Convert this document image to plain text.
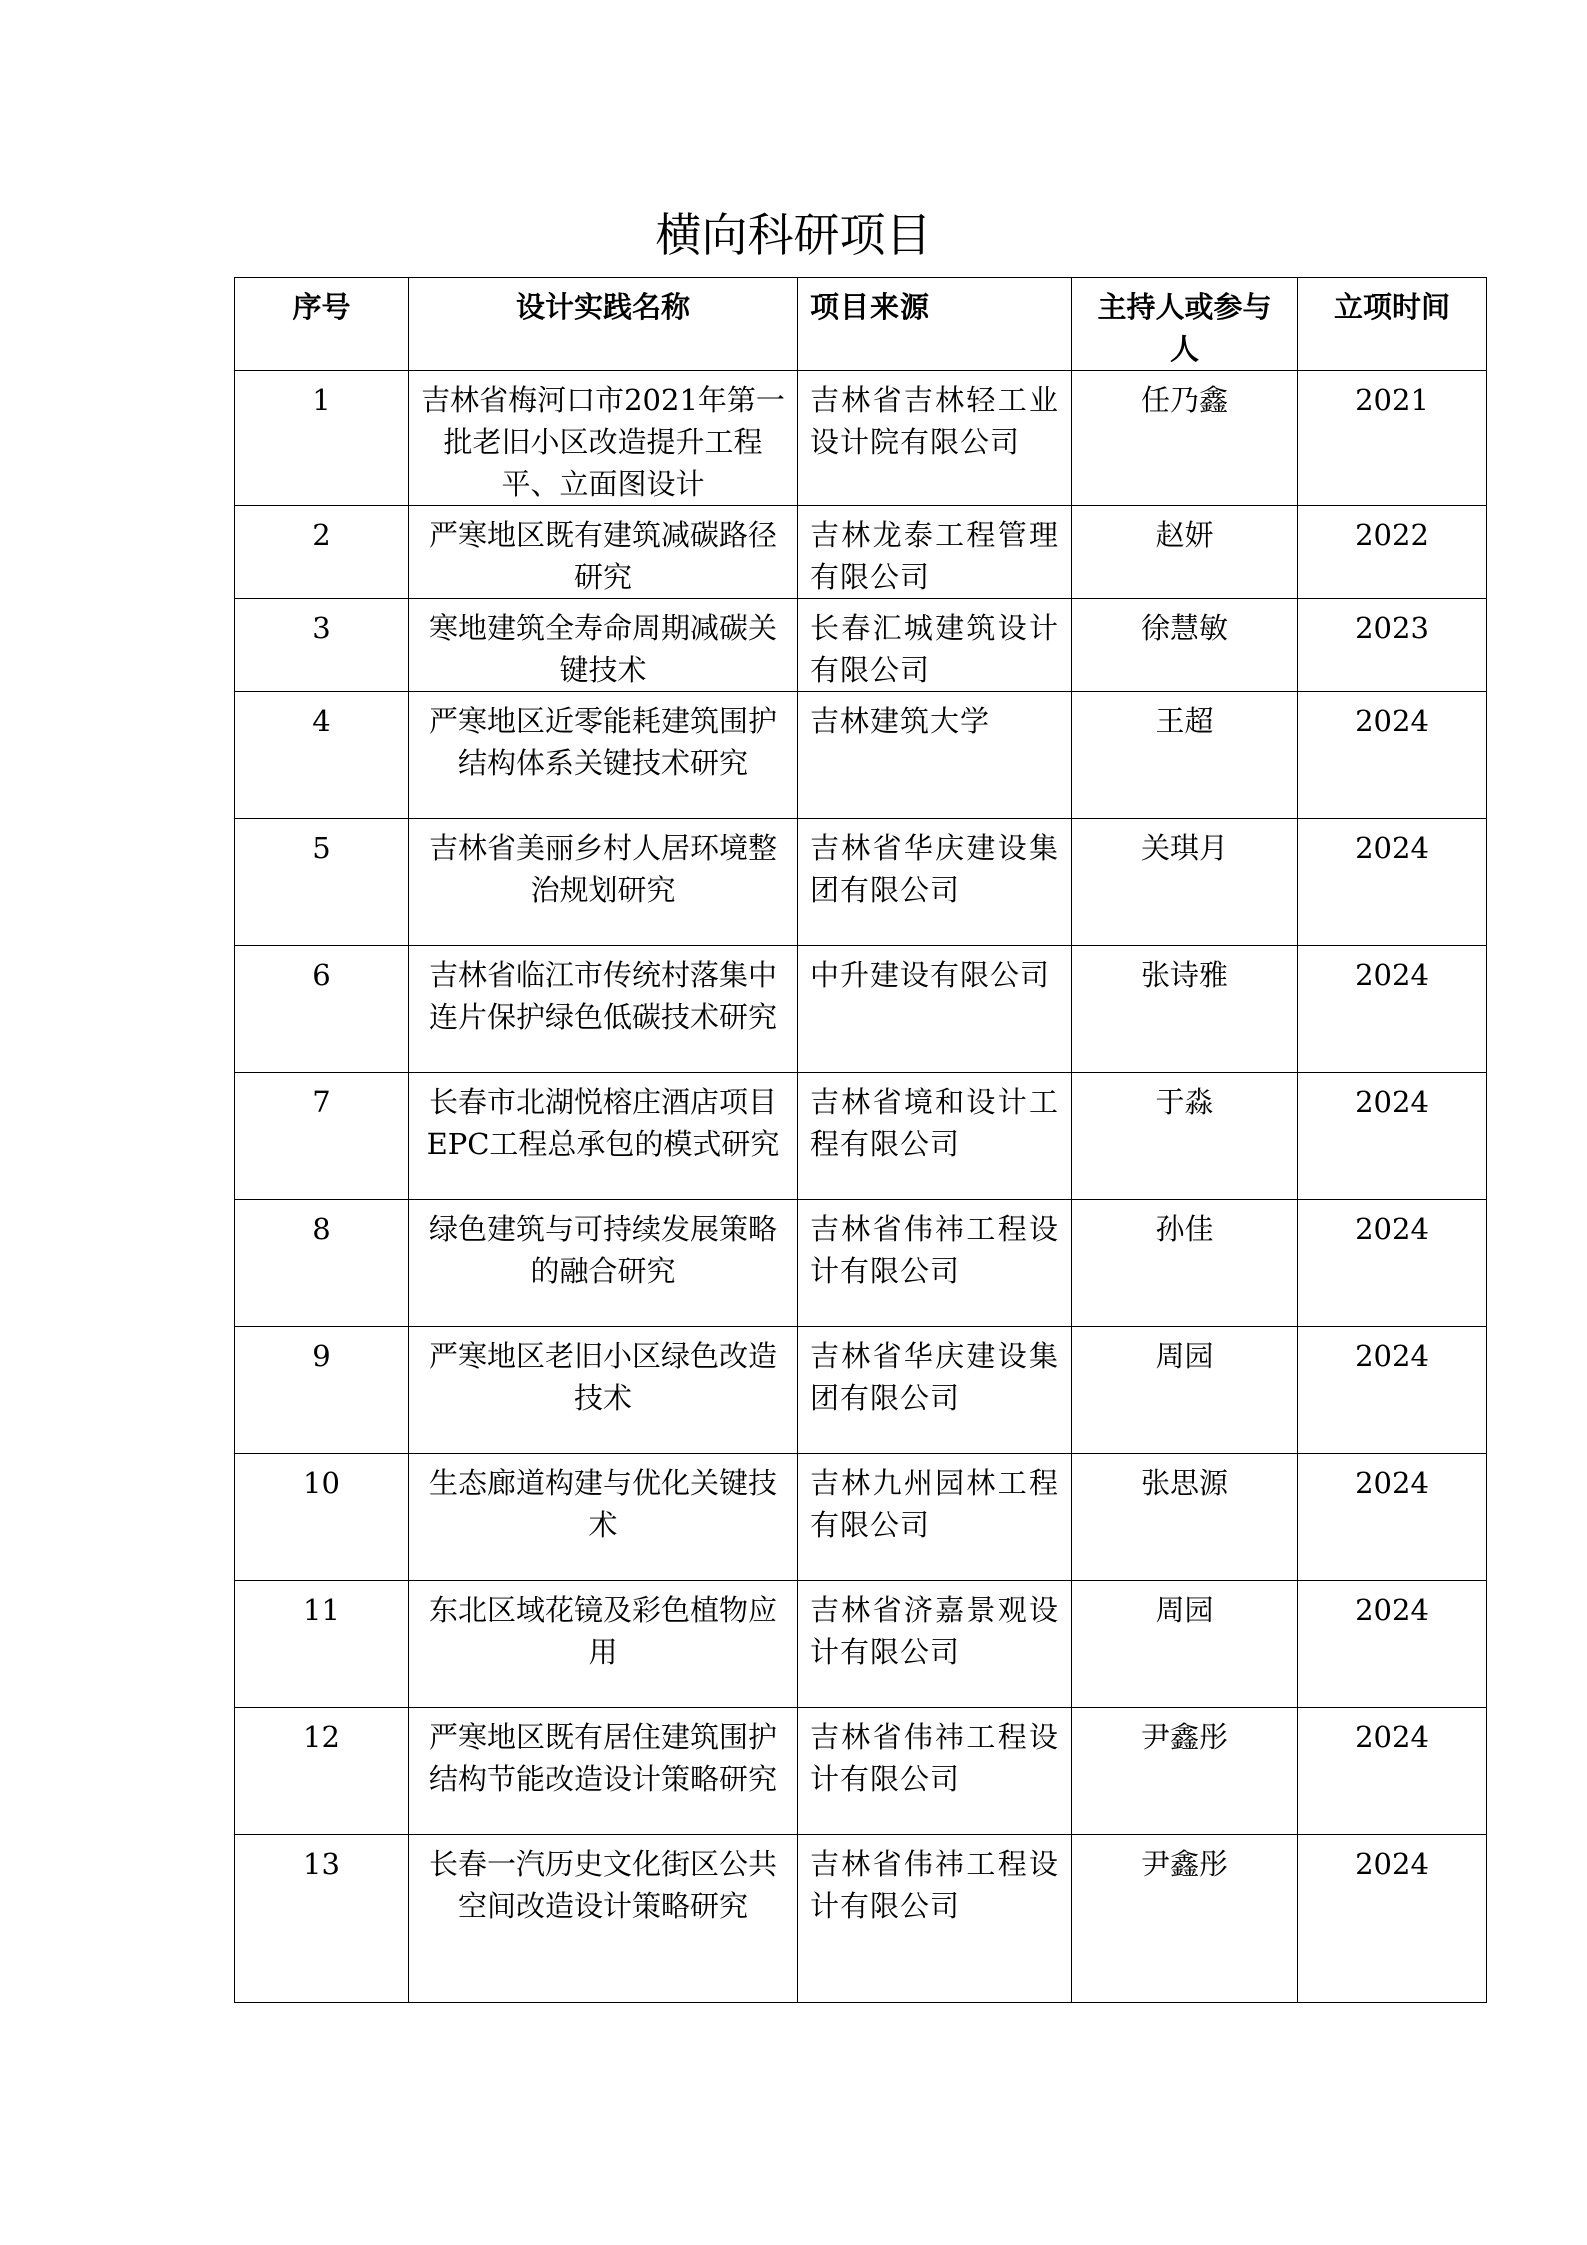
横向科研项目
序号	设计实践名称	项目来源	主持人或参与人	立项时间
1	吉林省梅河口市2021年第一批老旧小区改造提升工程平、立面图设计	吉林省吉林轻工业设计院有限公司	任乃鑫	2021
2	严寒地区既有建筑减碳路径研究	吉林龙泰工程管理有限公司	赵妍	2022
3	寒地建筑全寿命周期减碳关键技术	长春汇城建筑设计有限公司	徐慧敏	2023
4	严寒地区近零能耗建筑围护结构体系关键技术研究	吉林建筑大学	王超	2024
5	吉林省美丽乡村人居环境整治规划研究	吉林省华庆建设集团有限公司	关琪月	2024
6	吉林省临江市传统村落集中连片保护绿色低碳技术研究	中升建设有限公司	张诗雅	2024
7	长春市北湖悦榕庄酒店项目EPC工程总承包的模式研究	吉林省境和设计工程有限公司	于淼	2024
8	绿色建筑与可持续发展策略的融合研究	吉林省伟祎工程设计有限公司	孙佳	2024
9	严寒地区老旧小区绿色改造技术	吉林省华庆建设集团有限公司	周园	2024
10	生态廊道构建与优化关键技术	吉林九州园林工程有限公司	张思源	2024
11	东北区域花镜及彩色植物应用	吉林省济嘉景观设计有限公司	周园	2024
12	严寒地区既有居住建筑围护结构节能改造设计策略研究	吉林省伟祎工程设计有限公司	尹鑫彤	2024
13	长春一汽历史文化街区公共空间改造设计策略研究	吉林省伟祎工程设计有限公司	尹鑫彤	2024
